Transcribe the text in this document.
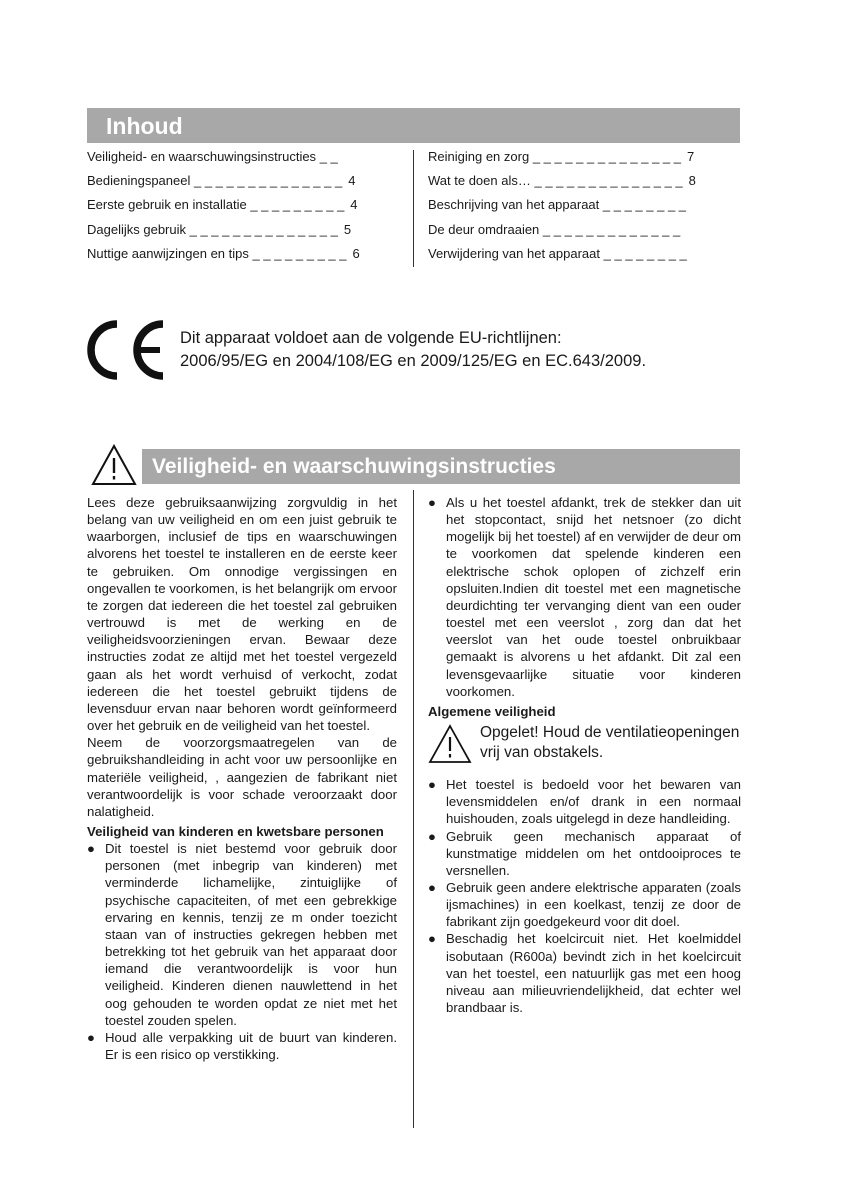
Inhoud
Veiligheid- en waarschuwingsinstructies _ _
Bedieningspaneel _ _ _ _ _ _ _ _ _ _ _ _ _ _ 4
Eerste gebruik en installatie _ _ _ _ _ _ _ _ _ 4
Dagelijks gebruik _ _ _ _ _ _ _ _ _ _ _ _ _ _ 5
Nuttige aanwijzingen en tips _ _ _ _ _ _ _ _ _ 6
Reiniging en zorg _ _ _ _ _ _ _ _ _ _ _ _ _ _ 7
Wat te doen als… _ _ _ _ _ _ _ _ _ _ _ _ _ _ 8
Beschrijving van het apparaat _ _ _ _ _ _ _ _
De deur omdraaien _ _ _ _ _ _ _ _ _ _ _ _ _
Verwijdering van het apparaat _ _ _ _ _ _ _ _
Dit apparaat voldoet aan de volgende EU-richtlijnen:
2006/95/EG en 2004/108/EG en 2009/125/EG en EC.643/2009.
Veiligheid- en waarschuwingsinstructies

Lees deze gebruiksaanwijzing zorgvuldig in het belang van uw veiligheid en om een juist gebruik te waarborgen, inclusief de tips en waarschuwingen alvorens het toestel te installeren en de eerste keer te gebruiken. Om onnodige vergissingen en ongevallen te voorkomen, is het belangrijk om ervoor te zorgen dat iedereen die het toestel zal gebruiken vertrouwd is met de werking en de veiligheidsvoorzieningen ervan. Bewaar deze instructies zodat ze altijd met het toestel vergezeld gaan als het wordt verhuisd of verkocht, zodat iedereen die het toestel gebruikt tijdens de levensduur ervan naar behoren wordt geïnformeerd over het gebruik en de veiligheid van het toestel.

Neem de voorzorgsmaatregelen van de gebruikshandleiding in acht voor uw persoonlijke en materiële veiligheid, , aangezien de fabrikant niet verantwoordelijk is voor schade veroorzaakt door nalatigheid.

Veiligheid van kinderen en kwetsbare personen

● Dit toestel is niet bestemd voor gebruik door personen (met inbegrip van kinderen) met verminderde lichamelijke, zintuiglijke of psychische capaciteiten, of met een gebrekkige ervaring en kennis, tenzij ze m onder toezicht staan van of instructies gekregen hebben met betrekking tot het gebruik van het apparaat door iemand die verantwoordelijk is voor hun veiligheid. Kinderen dienen nauwlettend in het oog gehouden te worden opdat ze niet met het toestel zouden spelen.
● Houd alle verpakking uit de buurt van kinderen. Er is een risico op verstikking.
● Als u het toestel afdankt, trek de stekker dan uit het stopcontact, snijd het netsnoer (zo dicht mogelijk bij het toestel) af en verwijder de deur om te voorkomen dat spelende kinderen een elektrische schok oplopen of zichzelf erin opsluiten.Indien dit toestel met een magnetische deurdichting ter vervanging dient van een ouder toestel met een veerslot , zorg dan dat het veerslot van het oude toestel onbruikbaar gemaakt is alvorens u het afdankt. Dit zal een levensgevaarlijke situatie voor kinderen voorkomen.

Algemene veiligheid

Opgelet! Houd de ventilatieopeningen vrij van obstakels.
● Het toestel is bedoeld voor het bewaren van levensmiddelen en/of drank in een normaal huishouden, zoals uitgelegd in deze handleiding.
● Gebruik geen mechanisch apparaat of kunstmatige middelen om het ontdooiproces te versnellen.
● Gebruik geen andere elektrische apparaten (zoals ijsmachines) in een koelkast, tenzij ze door de fabrikant zijn goedgekeurd voor dit doel.
● Beschadig het koelcircuit niet. Het koelmiddel isobutaan (R600a) bevindt zich in het koelcircuit van het toestel, een natuurlijk gas met een hoog niveau aan milieuvriendelijkheid, dat echter wel brandbaar is.
